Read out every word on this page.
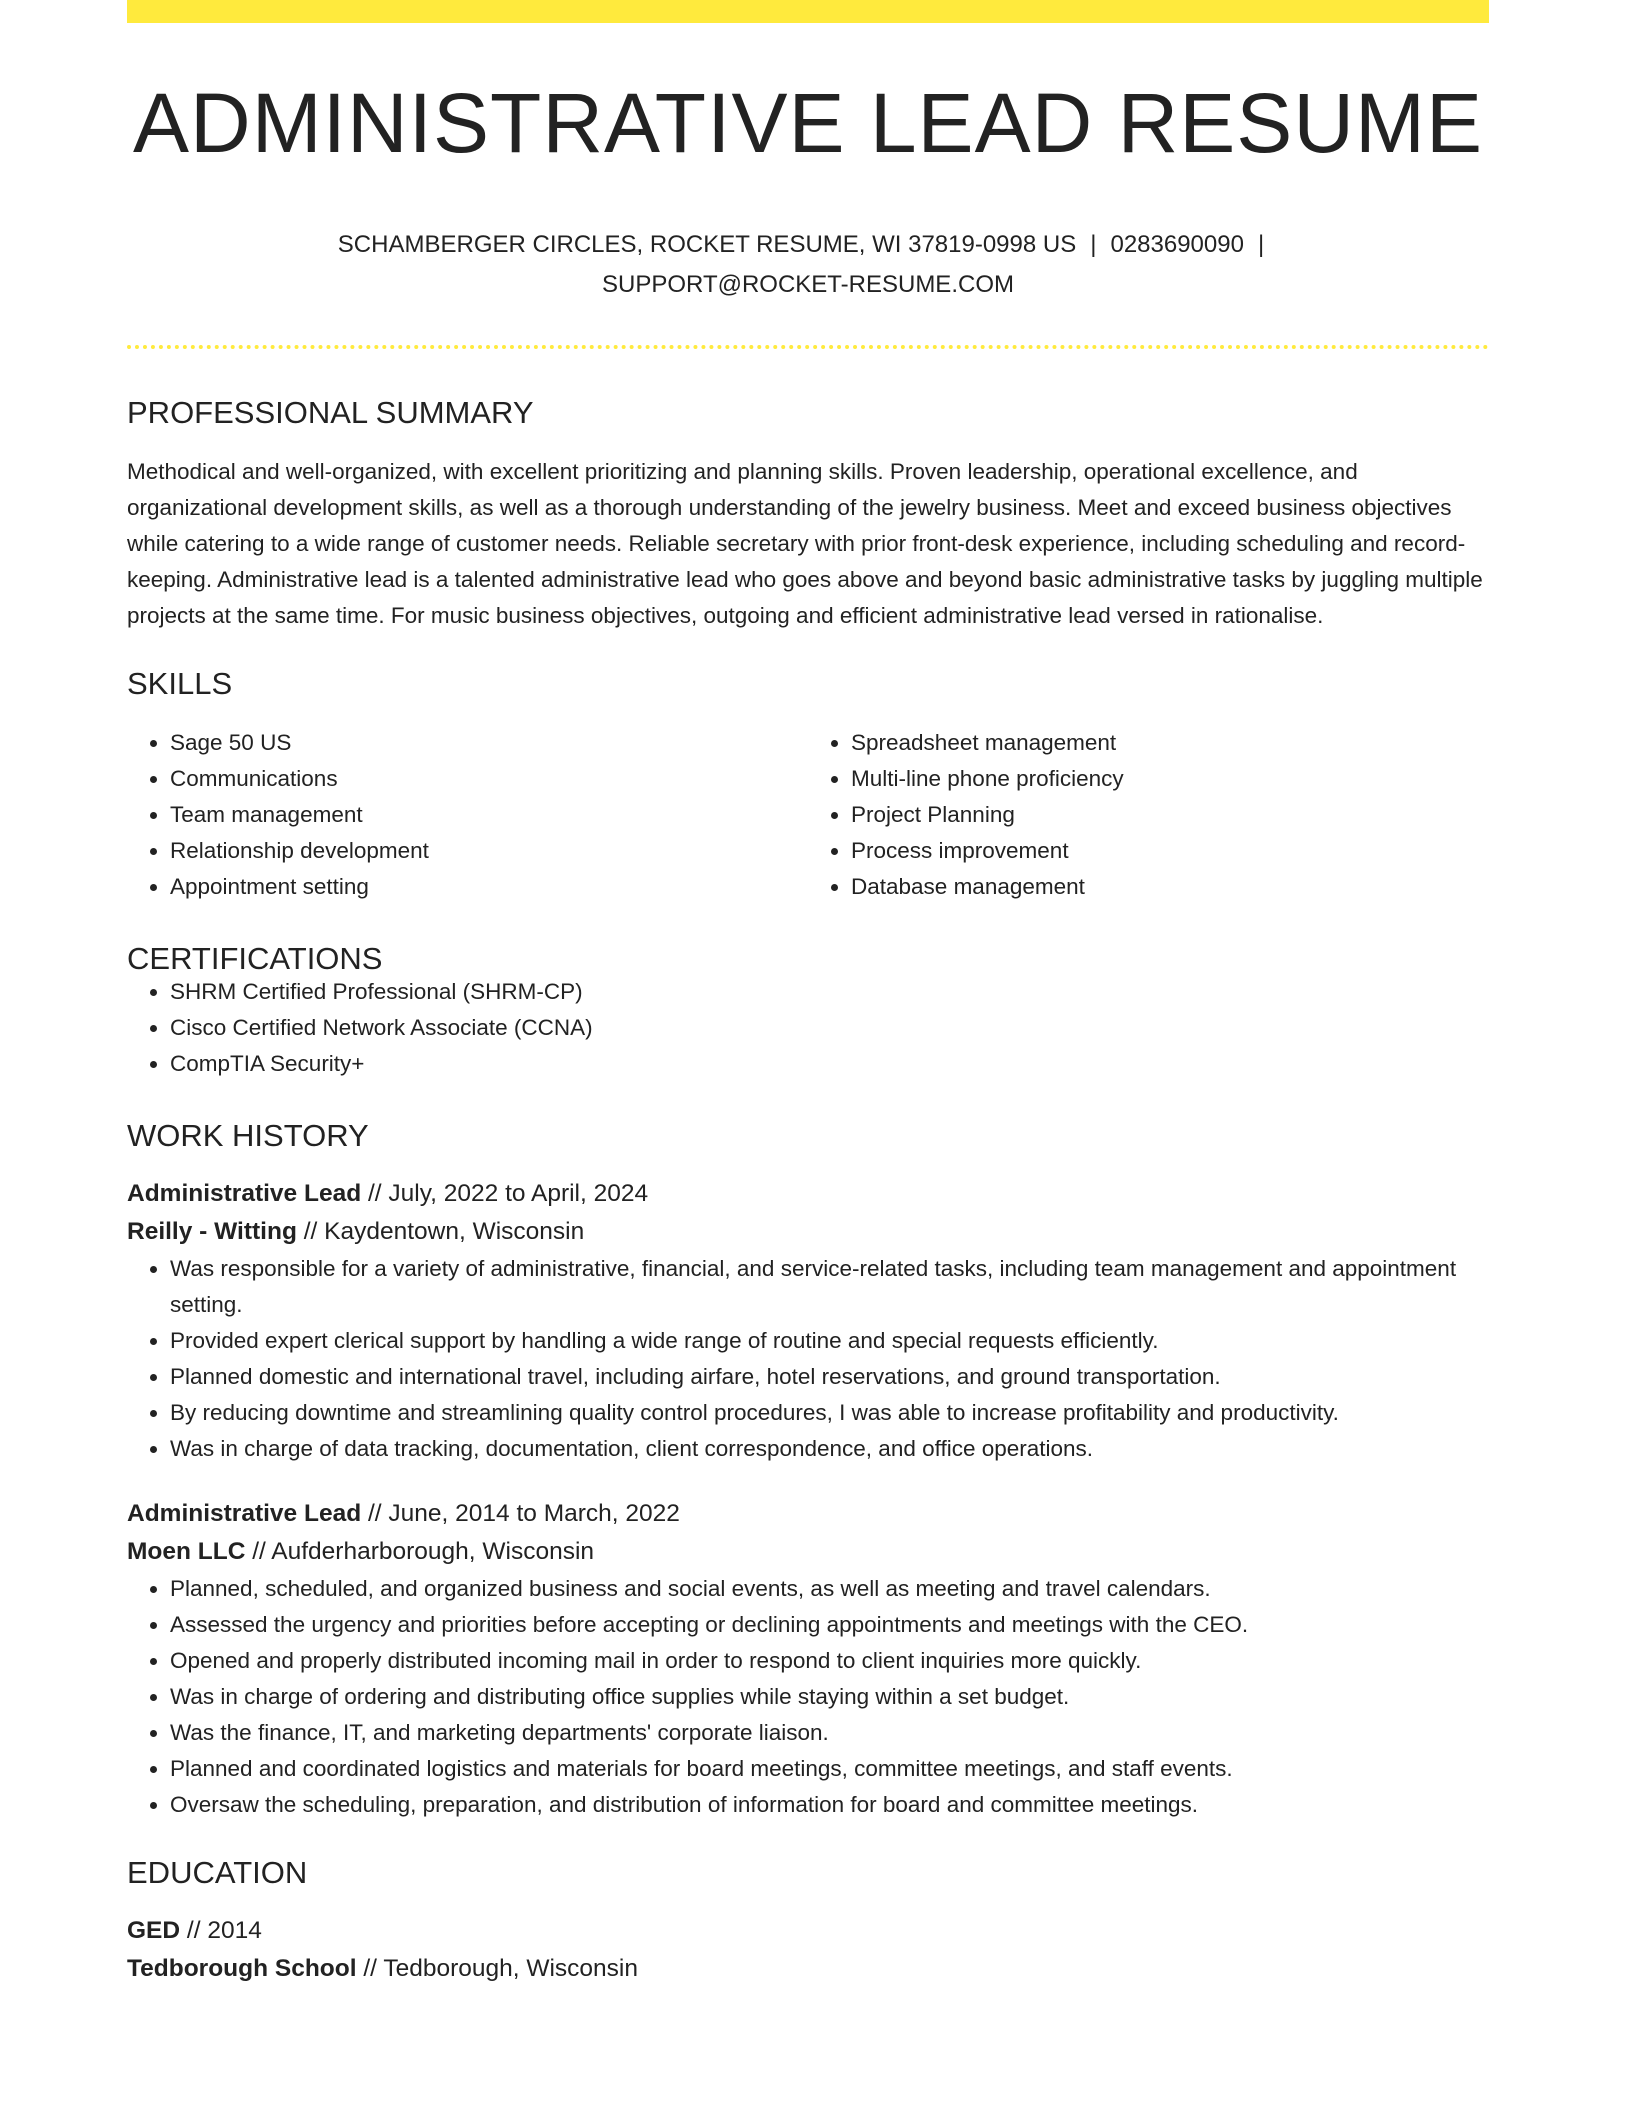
ADMINISTRATIVE LEAD RESUME
SCHAMBERGER CIRCLES, ROCKET RESUME, WI 37819-0998 US | 0283690090 |
SUPPORT@ROCKET-RESUME.COM
PROFESSIONAL SUMMARY

Methodical and well-organized, with excellent prioritizing and planning skills. Proven leadership, operational excellence, and organizational development skills, as well as a thorough understanding of the jewelry business. Meet and exceed business objectives while catering to a wide range of customer needs. Reliable secretary with prior front-desk experience, including scheduling and record-keeping. Administrative lead is a talented administrative lead who goes above and beyond basic administrative tasks by juggling multiple projects at the same time. For music business objectives, outgoing and efficient administrative lead versed in rationalise.

SKILLS
• Sage 50 US
• Communications
• Team management
• Relationship development
• Appointment setting
• Spreadsheet management
• Multi-line phone proficiency
• Project Planning
• Process improvement
• Database management
CERTIFICATIONS
• SHRM Certified Professional (SHRM-CP)
• Cisco Certified Network Associate (CCNA)
• CompTIA Security+
WORK HISTORY

Administrative Lead // July, 2022 to April, 2024

Reilly - Witting // Kaydentown, Wisconsin

• Was responsible for a variety of administrative, financial, and service-related tasks, including team management and appointment setting.
• Provided expert clerical support by handling a wide range of routine and special requests efficiently.
• Planned domestic and international travel, including airfare, hotel reservations, and ground transportation.
• By reducing downtime and streamlining quality control procedures, I was able to increase profitability and productivity.
• Was in charge of data tracking, documentation, client correspondence, and office operations.

Administrative Lead // June, 2014 to March, 2022

Moen LLC // Aufderharborough, Wisconsin

• Planned, scheduled, and organized business and social events, as well as meeting and travel calendars.
• Assessed the urgency and priorities before accepting or declining appointments and meetings with the CEO.
• Opened and properly distributed incoming mail in order to respond to client inquiries more quickly.
• Was in charge of ordering and distributing office supplies while staying within a set budget.
• Was the finance, IT, and marketing departments' corporate liaison.
• Planned and coordinated logistics and materials for board meetings, committee meetings, and staff events.
• Oversaw the scheduling, preparation, and distribution of information for board and committee meetings.
EDUCATION

GED // 2014

Tedborough School // Tedborough, Wisconsin
